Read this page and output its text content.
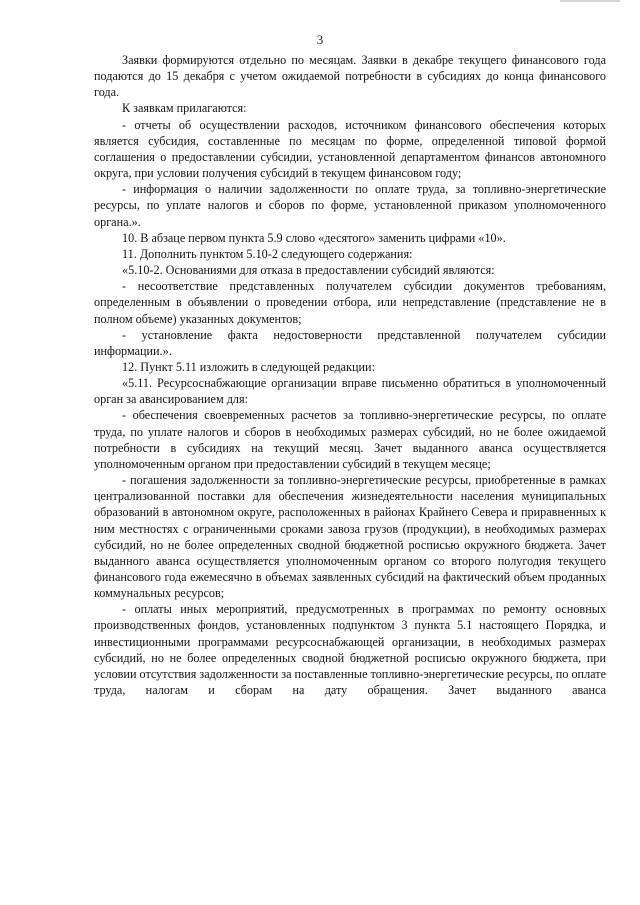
3

Заявки формируются отдельно по месяцам. Заявки в декабре текущего финансового года подаются до 15 декабря с учетом ожидаемой потребности в субсидиях до конца финансового года.

К заявкам прилагаются:

- отчеты об осуществлении расходов, источником финансового обеспечения которых является субсидия, составленные по месяцам по форме, определенной типовой формой соглашения о предоставлении субсидии, установленной департаментом финансов автономного округа, при условии получения субсидий в текущем финансовом году;

- информация о наличии задолженности по оплате труда, за топливно-энергетические ресурсы, по уплате налогов и сборов по форме, установленной приказом уполномоченного органа.».

10. В абзаце первом пункта 5.9 слово «десятого» заменить цифрами «10».

11. Дополнить пунктом 5.10-2 следующего содержания:

«5.10-2. Основаниями для отказа в предоставлении субсидий являются:

- несоответствие представленных получателем субсидии документов требованиям, определенным в объявлении о проведении отбора, или непредставление (представление не в полном объеме) указанных документов;

- установление факта недостоверности представленной получателем субсидии информации.».

12. Пункт 5.11 изложить в следующей редакции:

«5.11. Ресурсоснабжающие организации вправе письменно обратиться в уполномоченный орган за авансированием для:

- обеспечения своевременных расчетов за топливно-энергетические ресурсы, по оплате труда, по уплате налогов и сборов в необходимых размерах субсидий, но не более ожидаемой потребности в субсидиях на текущий месяц. Зачет выданного аванса осуществляется уполномоченным органом при предоставлении субсидий в текущем месяце;

- погашения задолженности за топливно-энергетические ресурсы, приобретенные в рамках централизованной поставки для обеспечения жизнедеятельности населения муниципальных образований в автономном округе, расположенных в районах Крайнего Севера и приравненных к ним местностях с ограниченными сроками завоза грузов (продукции), в необходимых размерах субсидий, но не более определенных сводной бюджетной росписью окружного бюджета. Зачет выданного аванса осуществляется уполномоченным органом со второго полугодия текущего финансового года ежемесячно в объемах заявленных субсидий на фактический объем проданных коммунальных ресурсов;

- оплаты иных мероприятий, предусмотренных в программах по ремонту основных производственных фондов, установленных подпунктом 3 пункта 5.1 настоящего Порядка, и инвестиционными программами ресурсоснабжающей организации, в необходимых размерах субсидий, но не более определенных сводной бюджетной росписью окружного бюджета, при условии отсутствия задолженности за поставленные топливно-энергетические ресурсы, по оплате труда, налогам и сборам на дату обращения. Зачет выданного аванса
